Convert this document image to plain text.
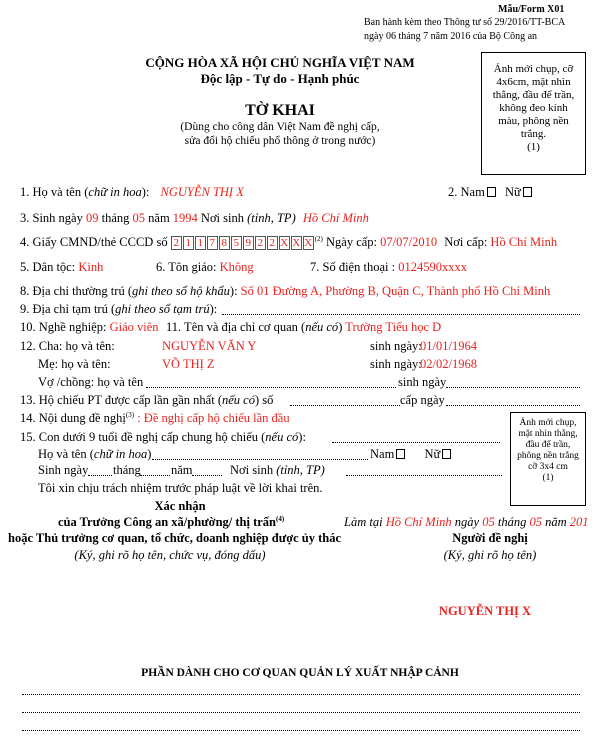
Mẫu/Form X01
Ban hành kèm theo Thông tư số 29/2016/TT-BCA
ngày 06 tháng 7 năm 2016 của Bộ Công an
CỘNG HÒA XÃ HỘI CHỦ NGHĨA VIỆT NAM
Độc lập - Tự do - Hạnh phúc
TỜ KHAI
(Dùng cho công dân Việt Nam đề nghị cấp,
sửa đổi hộ chiếu phổ thông ở trong nước)
Ảnh mới chụp, cỡ 4x6cm, mặt nhìn thẳng, đầu để trần, không đeo kính màu, phông nền trắng.
(1)
1. Họ và tên (chữ in hoa): NGUYỄN THỊ X	2. Nam Nữ
3. Sinh ngày 09 tháng 05 năm 1994 Nơi sinh (tỉnh, TP) Hồ Chí Minh
4. Giấy CMND/thẻ CCCD số 2 1 1 7 8 5 9 2 2 X X X $^{(2)}$ Ngày cấp: 07/07/2010 Nơi cấp: Hồ Chí Minh
5. Dân tộc: Kinh	6. Tôn giáo: Không	7. Số điện thoại : 0124590xxxx
8. Địa chỉ thường trú (ghi theo sổ hộ khẩu): Số 01 Đường A, Phường B, Quận C, Thành phố Hồ Chí Minh
9. Địa chỉ tạm trú (ghi theo sổ tạm trú):
10. Nghề nghiệp: Giáo viên 11. Tên và địa chỉ cơ quan (nếu có) Trường Tiểu học D
12. Cha: họ và tên:	NGUYỄN VĂN Y	sinh ngày:
01/01/1964
Mẹ: họ và tên:	VÕ THỊ Z	sinh ngày:
02/02/1968
Vợ /chồng: họ và tên	sinh ngày
13. Hộ chiếu PT được cấp lần gần nhất (nếu có) số	cấp ngày
14. Nội dung đề nghị$^{(3)}$ : Đề nghị cấp hộ chiếu lần đầu	Ảnh mới chụp, mặt nhìn thẳng, đầu để trần, phông nền trắng cỡ 3x4 cm
(1)
15. Con dưới 9 tuổi đề nghị cấp chung hộ chiếu (nếu có):
Họ và tên (chữ in hoa)	Nam Nữ
Sinh ngày tháng năm	Nơi sinh (tỉnh, TP)
Tôi xin chịu trách nhiệm trước pháp luật về lời khai trên.
Xác nhận
của Trưởng Công an xã/phường/ thị trấn$^{(4)}$
hoặc Thủ trưởng cơ quan, tổ chức, doanh nghiệp được ủy thác
(Ký, ghi rõ họ tên, chức vụ, đóng dấu)
Làm tại Hồ Chí Minh ngày 05 tháng 05 năm 201
Người đề nghị
(Ký, ghi rõ họ tên)
NGUYỄN THỊ X
PHẦN DÀNH CHO CƠ QUAN QUẢN LÝ XUẤT NHẬP CẢNH
